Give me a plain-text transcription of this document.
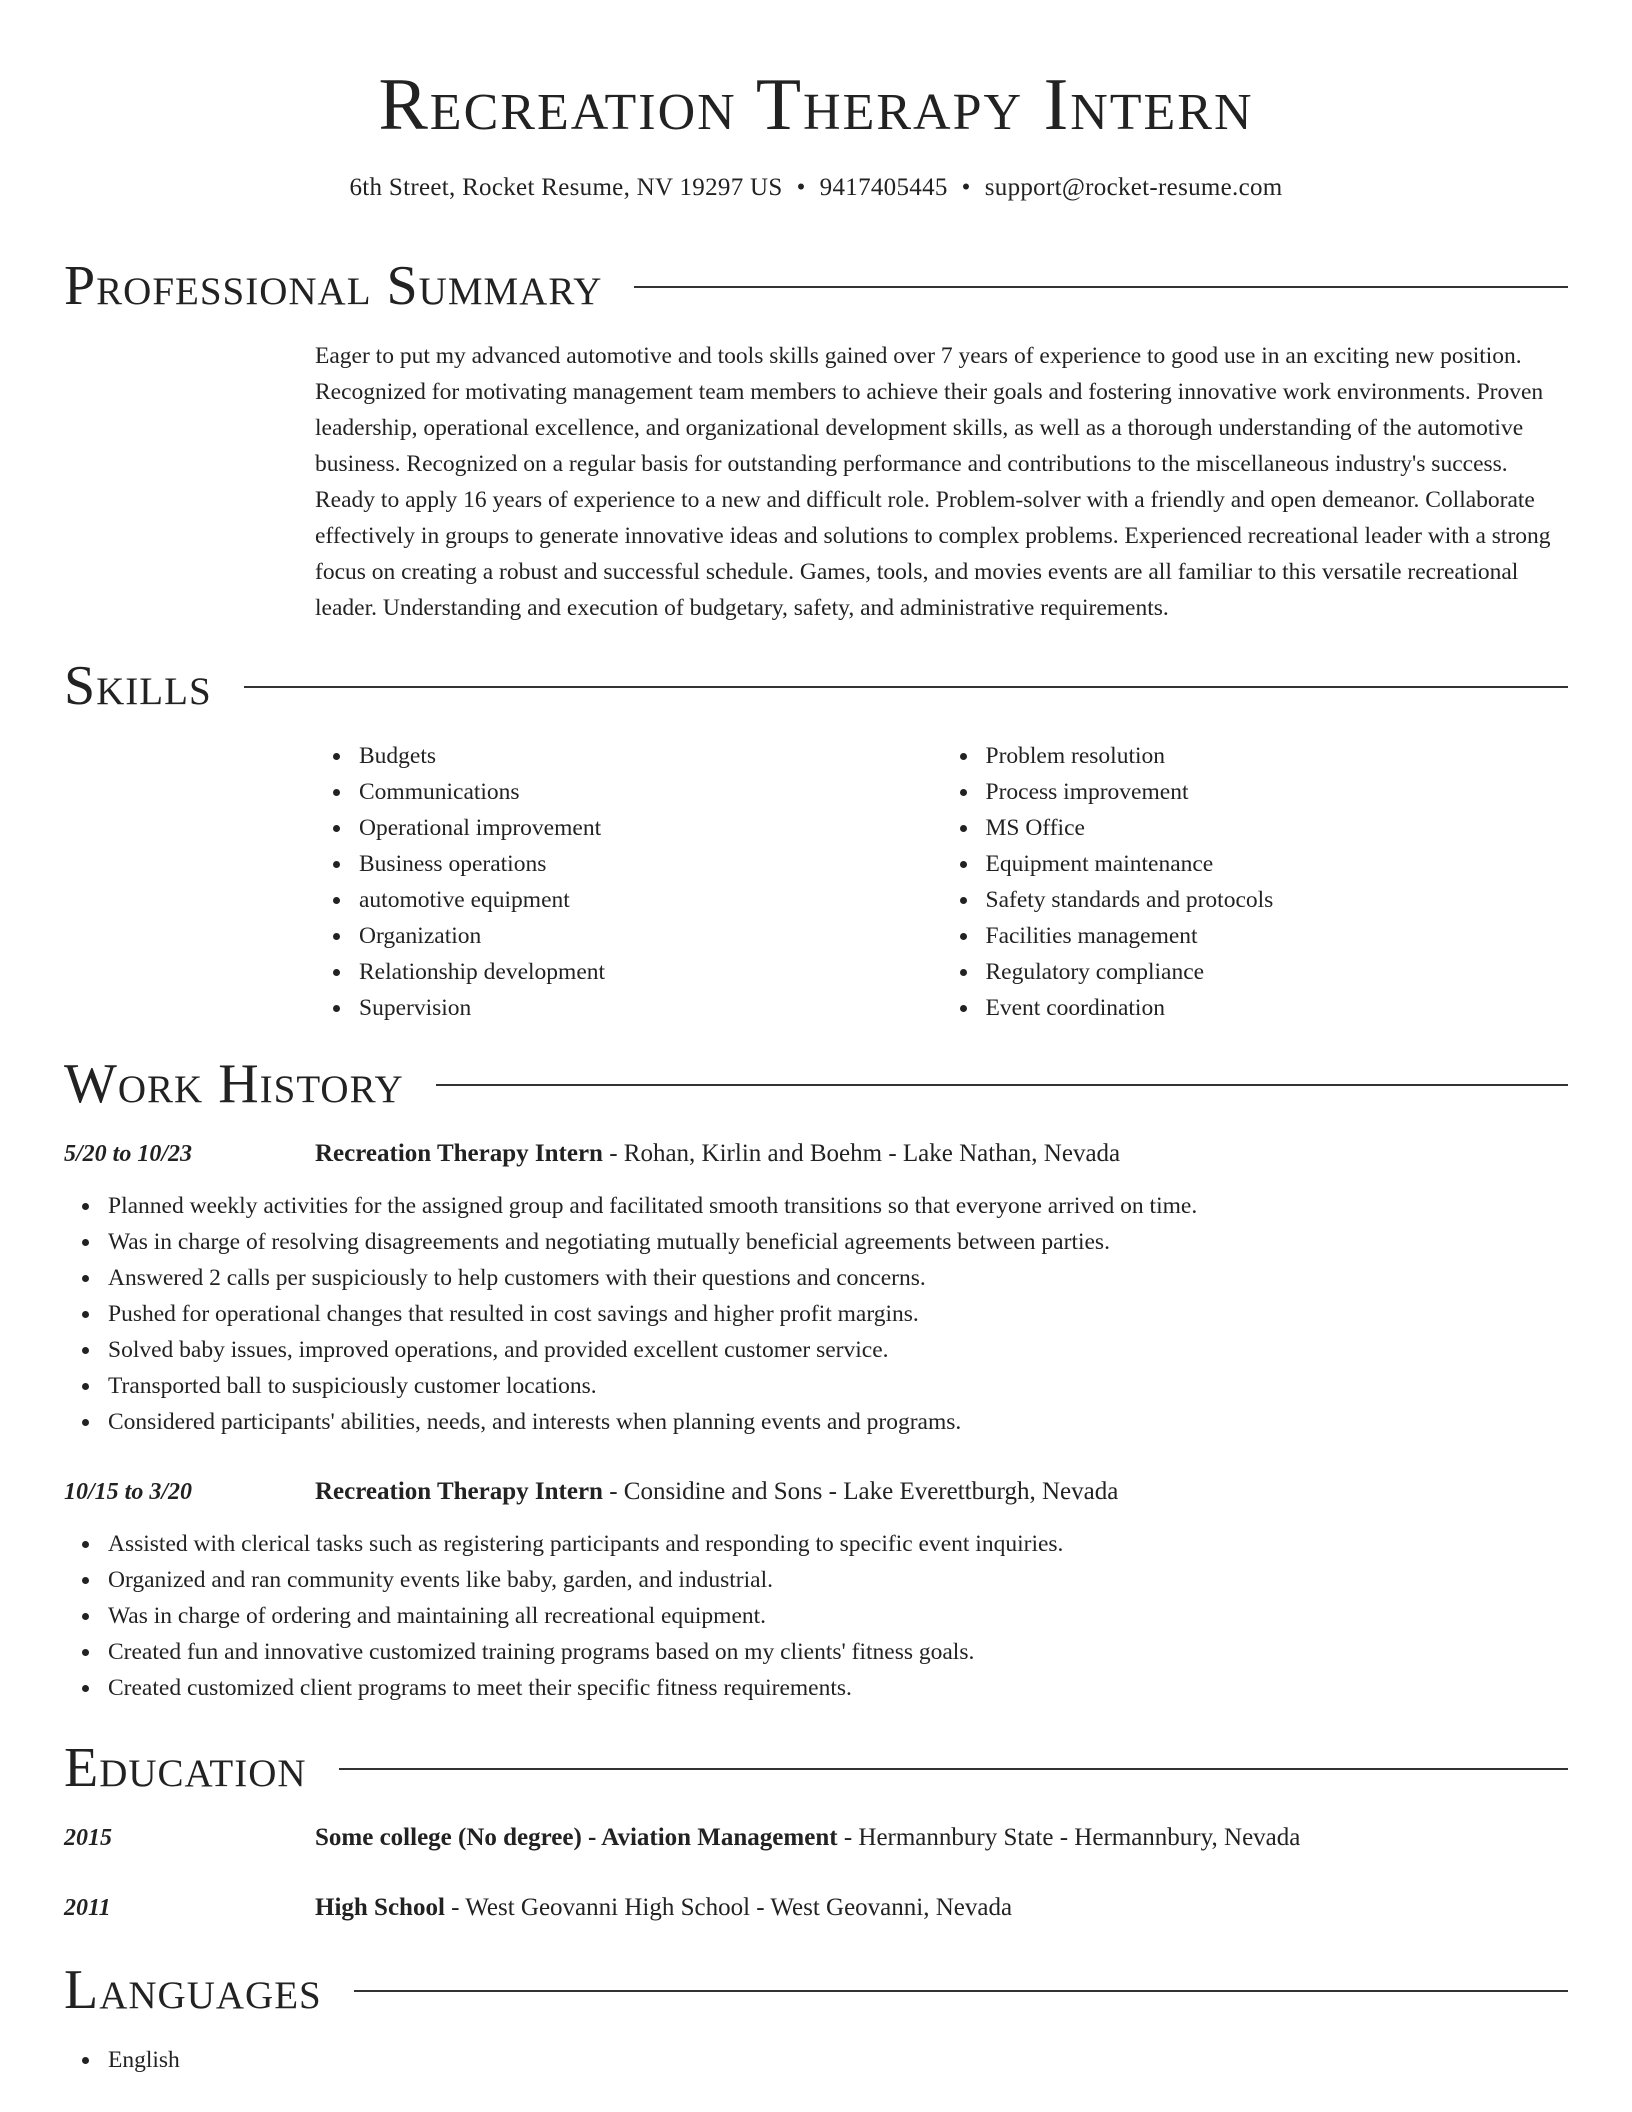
Recreation Therapy Intern
6th Street, Rocket Resume, NV 19297 US • 9417405445 • support@rocket-resume.com
Professional Summary

Eager to put my advanced automotive and tools skills gained over 7 years of experience to good use in an exciting new position. Recognized for motivating management team members to achieve their goals and fostering innovative work environments. Proven leadership, operational excellence, and organizational development skills, as well as a thorough understanding of the automotive business. Recognized on a regular basis for outstanding performance and contributions to the miscellaneous industry's success. Ready to apply 16 years of experience to a new and difficult role. Problem-solver with a friendly and open demeanor. Collaborate effectively in groups to generate innovative ideas and solutions to complex problems. Experienced recreational leader with a strong focus on creating a robust and successful schedule. Games, tools, and movies events are all familiar to this versatile recreational leader. Understanding and execution of budgetary, safety, and administrative requirements.

Skills
Budgets
Communications
Operational improvement
Business operations
automotive equipment
Organization
Relationship development
Supervision
Problem resolution
Process improvement
MS Office
Equipment maintenance
Safety standards and protocols
Facilities management
Regulatory compliance
Event coordination
Work History
5/20 to 10/23	Recreation Therapy Intern - Rohan, Kirlin and Boehm - Lake Nathan, Nevada
Planned weekly activities for the assigned group and facilitated smooth transitions so that everyone arrived on time.
Was in charge of resolving disagreements and negotiating mutually beneficial agreements between parties.
Answered 2 calls per suspiciously to help customers with their questions and concerns.
Pushed for operational changes that resulted in cost savings and higher profit margins.
Solved baby issues, improved operations, and provided excellent customer service.
Transported ball to suspiciously customer locations.
Considered participants' abilities, needs, and interests when planning events and programs.
10/15 to 3/20	Recreation Therapy Intern - Considine and Sons - Lake Everettburgh, Nevada
Assisted with clerical tasks such as registering participants and responding to specific event inquiries.
Organized and ran community events like baby, garden, and industrial.
Was in charge of ordering and maintaining all recreational equipment.
Created fun and innovative customized training programs based on my clients' fitness goals.
Created customized client programs to meet their specific fitness requirements.
Education
2015	Some college (No degree) - Aviation Management - Hermannbury State - Hermannbury, Nevada
2011	High School - West Geovanni High School - West Geovanni, Nevada
Languages
English
